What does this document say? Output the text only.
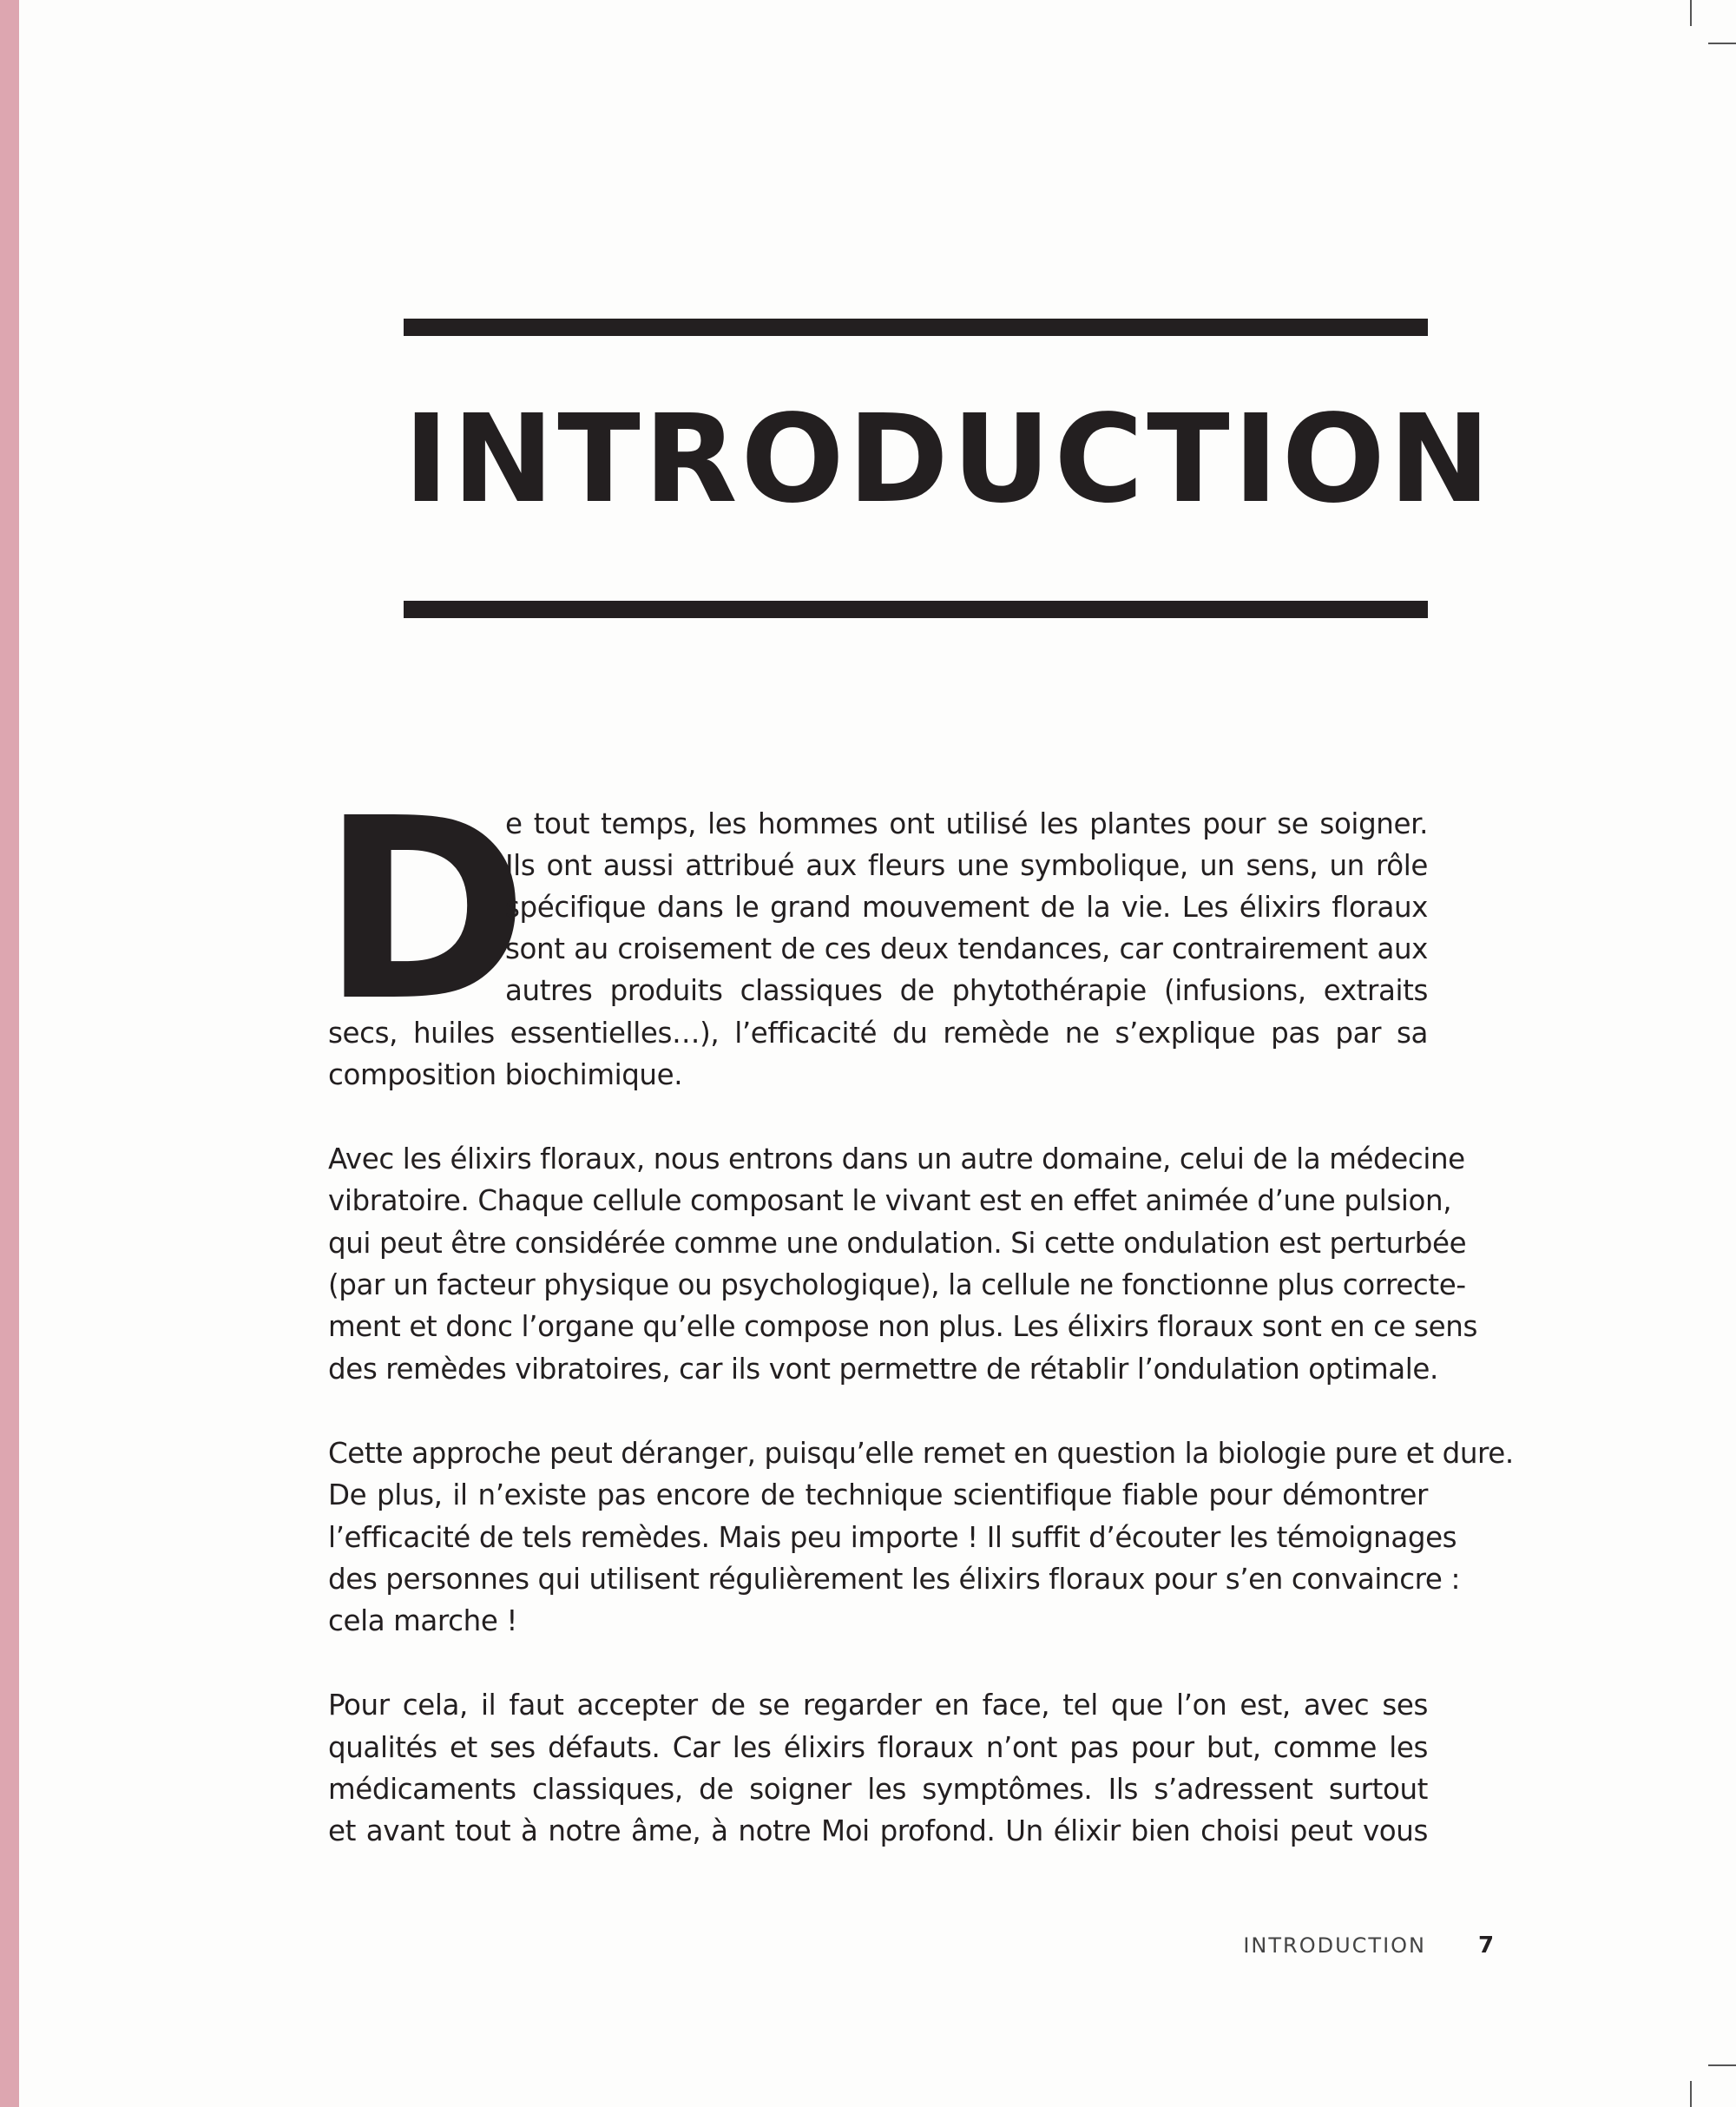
INTRODUCTION
D
e tout temps, les hommes ont utilisé les plantes pour se soigner.
Ils ont aussi attribué aux fleurs une symbolique, un sens, un rôle
spécifique dans le grand mouvement de la vie. Les élixirs floraux
sont au croisement de ces deux tendances, car contrairement aux
autres produits classiques de phytothérapie (infusions, extraits
secs, huiles essentielles…), l’efficacité du remède ne s’explique pas par sa
composition biochimique.
Avec les élixirs floraux, nous entrons dans un autre domaine, celui de la médecine
vibratoire. Chaque cellule composant le vivant est en effet animée d’une pulsion,
qui peut être considérée comme une ondulation. Si cette ondulation est perturbée
(par un facteur physique ou psychologique), la cellule ne fonctionne plus correcte-
ment et donc l’organe qu’elle compose non plus. Les élixirs floraux sont en ce sens
des remèdes vibratoires, car ils vont permettre de rétablir l’ondulation optimale.
Cette approche peut déranger, puisqu’elle remet en question la biologie pure et dure.
De plus, il n’existe pas encore de technique scientifique fiable pour démontrer
l’efficacité de tels remèdes. Mais peu importe ! Il suffit d’écouter les témoignages
des personnes qui utilisent régulièrement les élixirs floraux pour s’en convaincre :
cela marche !
Pour cela, il faut accepter de se regarder en face, tel que l’on est, avec ses
qualités et ses défauts. Car les élixirs floraux n’ont pas pour but, comme les
médicaments classiques, de soigner les symptômes. Ils s’adressent surtout
et avant tout à notre âme, à notre Moi profond. Un élixir bien choisi peut vous
INTRODUCTION 7
